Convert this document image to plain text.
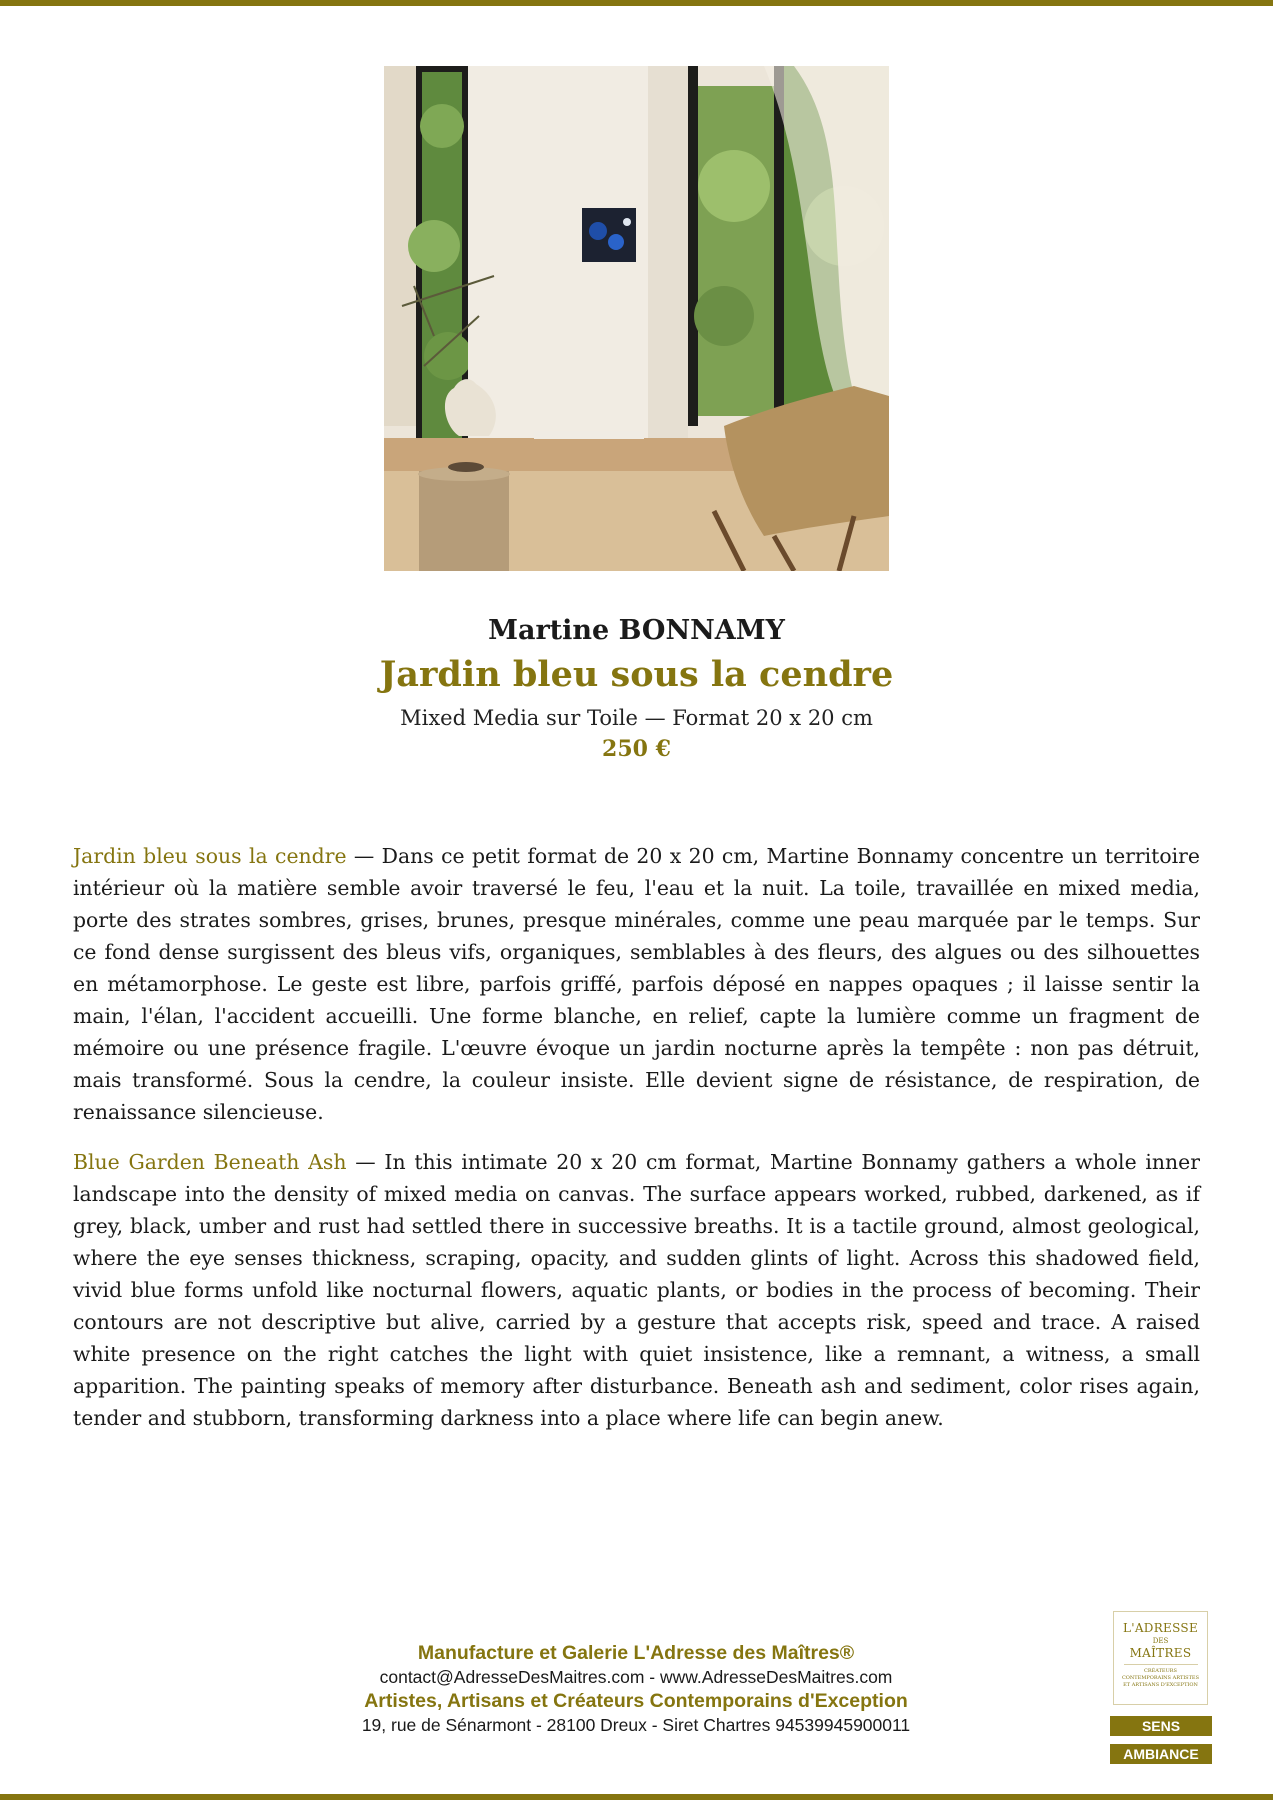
Martine BONNAMY
Jardin bleu sous la cendre
Mixed Media sur Toile — Format 20 x 20 cm
250 €

Jardin bleu sous la cendre — Dans ce petit format de 20 x 20 cm, Martine Bonnamy concentre un territoire intérieur où la matière semble avoir traversé le feu, l'eau et la nuit. La toile, travaillée en mixed media, porte des strates sombres, grises, brunes, presque minérales, comme une peau marquée par le temps. Sur ce fond dense surgissent des bleus vifs, organiques, semblables à des fleurs, des algues ou des silhouettes en métamorphose. Le geste est libre, parfois griffé, parfois déposé en nappes opaques ; il laisse sentir la main, l'élan, l'accident accueilli. Une forme blanche, en relief, capte la lumière comme un fragment de mémoire ou une présence fragile. L'œuvre évoque un jardin nocturne après la tempête : non pas détruit, mais transformé. Sous la cendre, la couleur insiste. Elle devient signe de résistance, de respiration, de renaissance silencieuse.

Blue Garden Beneath Ash — In this intimate 20 x 20 cm format, Martine Bonnamy gathers a whole inner landscape into the density of mixed media on canvas. The surface appears worked, rubbed, darkened, as if grey, black, umber and rust had settled there in successive breaths. It is a tactile ground, almost geological, where the eye senses thickness, scraping, opacity, and sudden glints of light. Across this shadowed field, vivid blue forms unfold like nocturnal flowers, aquatic plants, or bodies in the process of becoming. Their contours are not descriptive but alive, carried by a gesture that accepts risk, speed and trace. A raised white presence on the right catches the light with quiet insistence, like a remnant, a witness, a small apparition. The painting speaks of memory after disturbance. Beneath ash and sediment, color rises again, tender and stubborn, transforming darkness into a place where life can begin anew.

Manufacture et Galerie L'Adresse des Maîtres®
contact@AdresseDesMaitres.com - www.AdresseDesMaitres.com
Artistes, Artisans et Créateurs Contemporains d'Exception
19, rue de Sénarmont - 28100 Dreux - Siret Chartres 94539945900011
L'ADRESSE
DES
MAÎTRES
CRÉATEURS CONTEMPORAINS ARTISTES ET ARTISANS D'EXCEPTION
SENS
AMBIANCE
